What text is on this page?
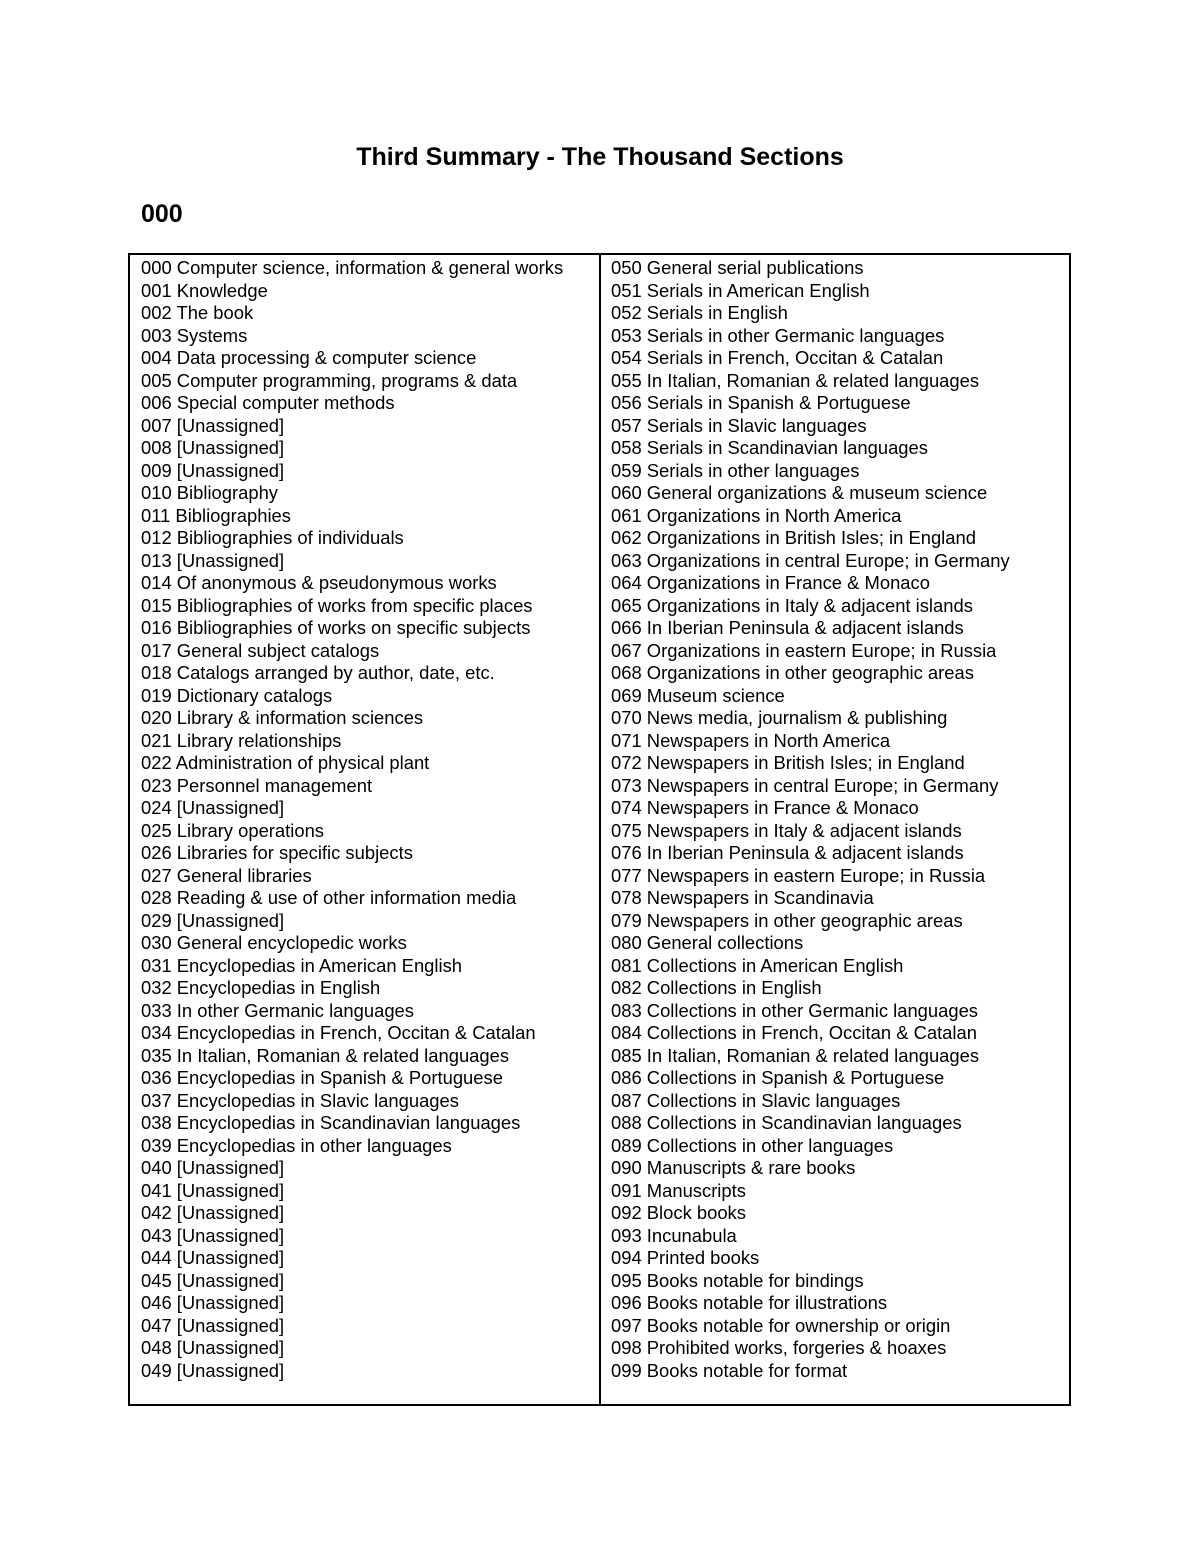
Third Summary - The Thousand Sections
000
000 Computer science, information & general works
001 Knowledge
002 The book
003 Systems
004 Data processing & computer science
005 Computer programming, programs & data
006 Special computer methods
007 [Unassigned]
008 [Unassigned]
009 [Unassigned]
010 Bibliography
011 Bibliographies
012 Bibliographies of individuals
013 [Unassigned]
014 Of anonymous & pseudonymous works
015 Bibliographies of works from specific places
016 Bibliographies of works on specific subjects
017 General subject catalogs
018 Catalogs arranged by author, date, etc.
019 Dictionary catalogs
020 Library & information sciences
021 Library relationships
022 Administration of physical plant
023 Personnel management
024 [Unassigned]
025 Library operations
026 Libraries for specific subjects
027 General libraries
028 Reading & use of other information media
029 [Unassigned]
030 General encyclopedic works
031 Encyclopedias in American English
032 Encyclopedias in English
033 In other Germanic languages
034 Encyclopedias in French, Occitan & Catalan
035 In Italian, Romanian & related languages
036 Encyclopedias in Spanish & Portuguese
037 Encyclopedias in Slavic languages
038 Encyclopedias in Scandinavian languages
039 Encyclopedias in other languages
040 [Unassigned]
041 [Unassigned]
042 [Unassigned]
043 [Unassigned]
044 [Unassigned]
045 [Unassigned]
046 [Unassigned]
047 [Unassigned]
048 [Unassigned]
049 [Unassigned]
050 General serial publications
051 Serials in American English
052 Serials in English
053 Serials in other Germanic languages
054 Serials in French, Occitan & Catalan
055 In Italian, Romanian & related languages
056 Serials in Spanish & Portuguese
057 Serials in Slavic languages
058 Serials in Scandinavian languages
059 Serials in other languages
060 General organizations & museum science
061 Organizations in North America
062 Organizations in British Isles; in England
063 Organizations in central Europe; in Germany
064 Organizations in France & Monaco
065 Organizations in Italy & adjacent islands
066 In Iberian Peninsula & adjacent islands
067 Organizations in eastern Europe; in Russia
068 Organizations in other geographic areas
069 Museum science
070 News media, journalism & publishing
071 Newspapers in North America
072 Newspapers in British Isles; in England
073 Newspapers in central Europe; in Germany
074 Newspapers in France & Monaco
075 Newspapers in Italy & adjacent islands
076 In Iberian Peninsula & adjacent islands
077 Newspapers in eastern Europe; in Russia
078 Newspapers in Scandinavia
079 Newspapers in other geographic areas
080 General collections
081 Collections in American English
082 Collections in English
083 Collections in other Germanic languages
084 Collections in French, Occitan & Catalan
085 In Italian, Romanian & related languages
086 Collections in Spanish & Portuguese
087 Collections in Slavic languages
088 Collections in Scandinavian languages
089 Collections in other languages
090 Manuscripts & rare books
091 Manuscripts
092 Block books
093 Incunabula
094 Printed books
095 Books notable for bindings
096 Books notable for illustrations
097 Books notable for ownership or origin
098 Prohibited works, forgeries & hoaxes
099 Books notable for format
